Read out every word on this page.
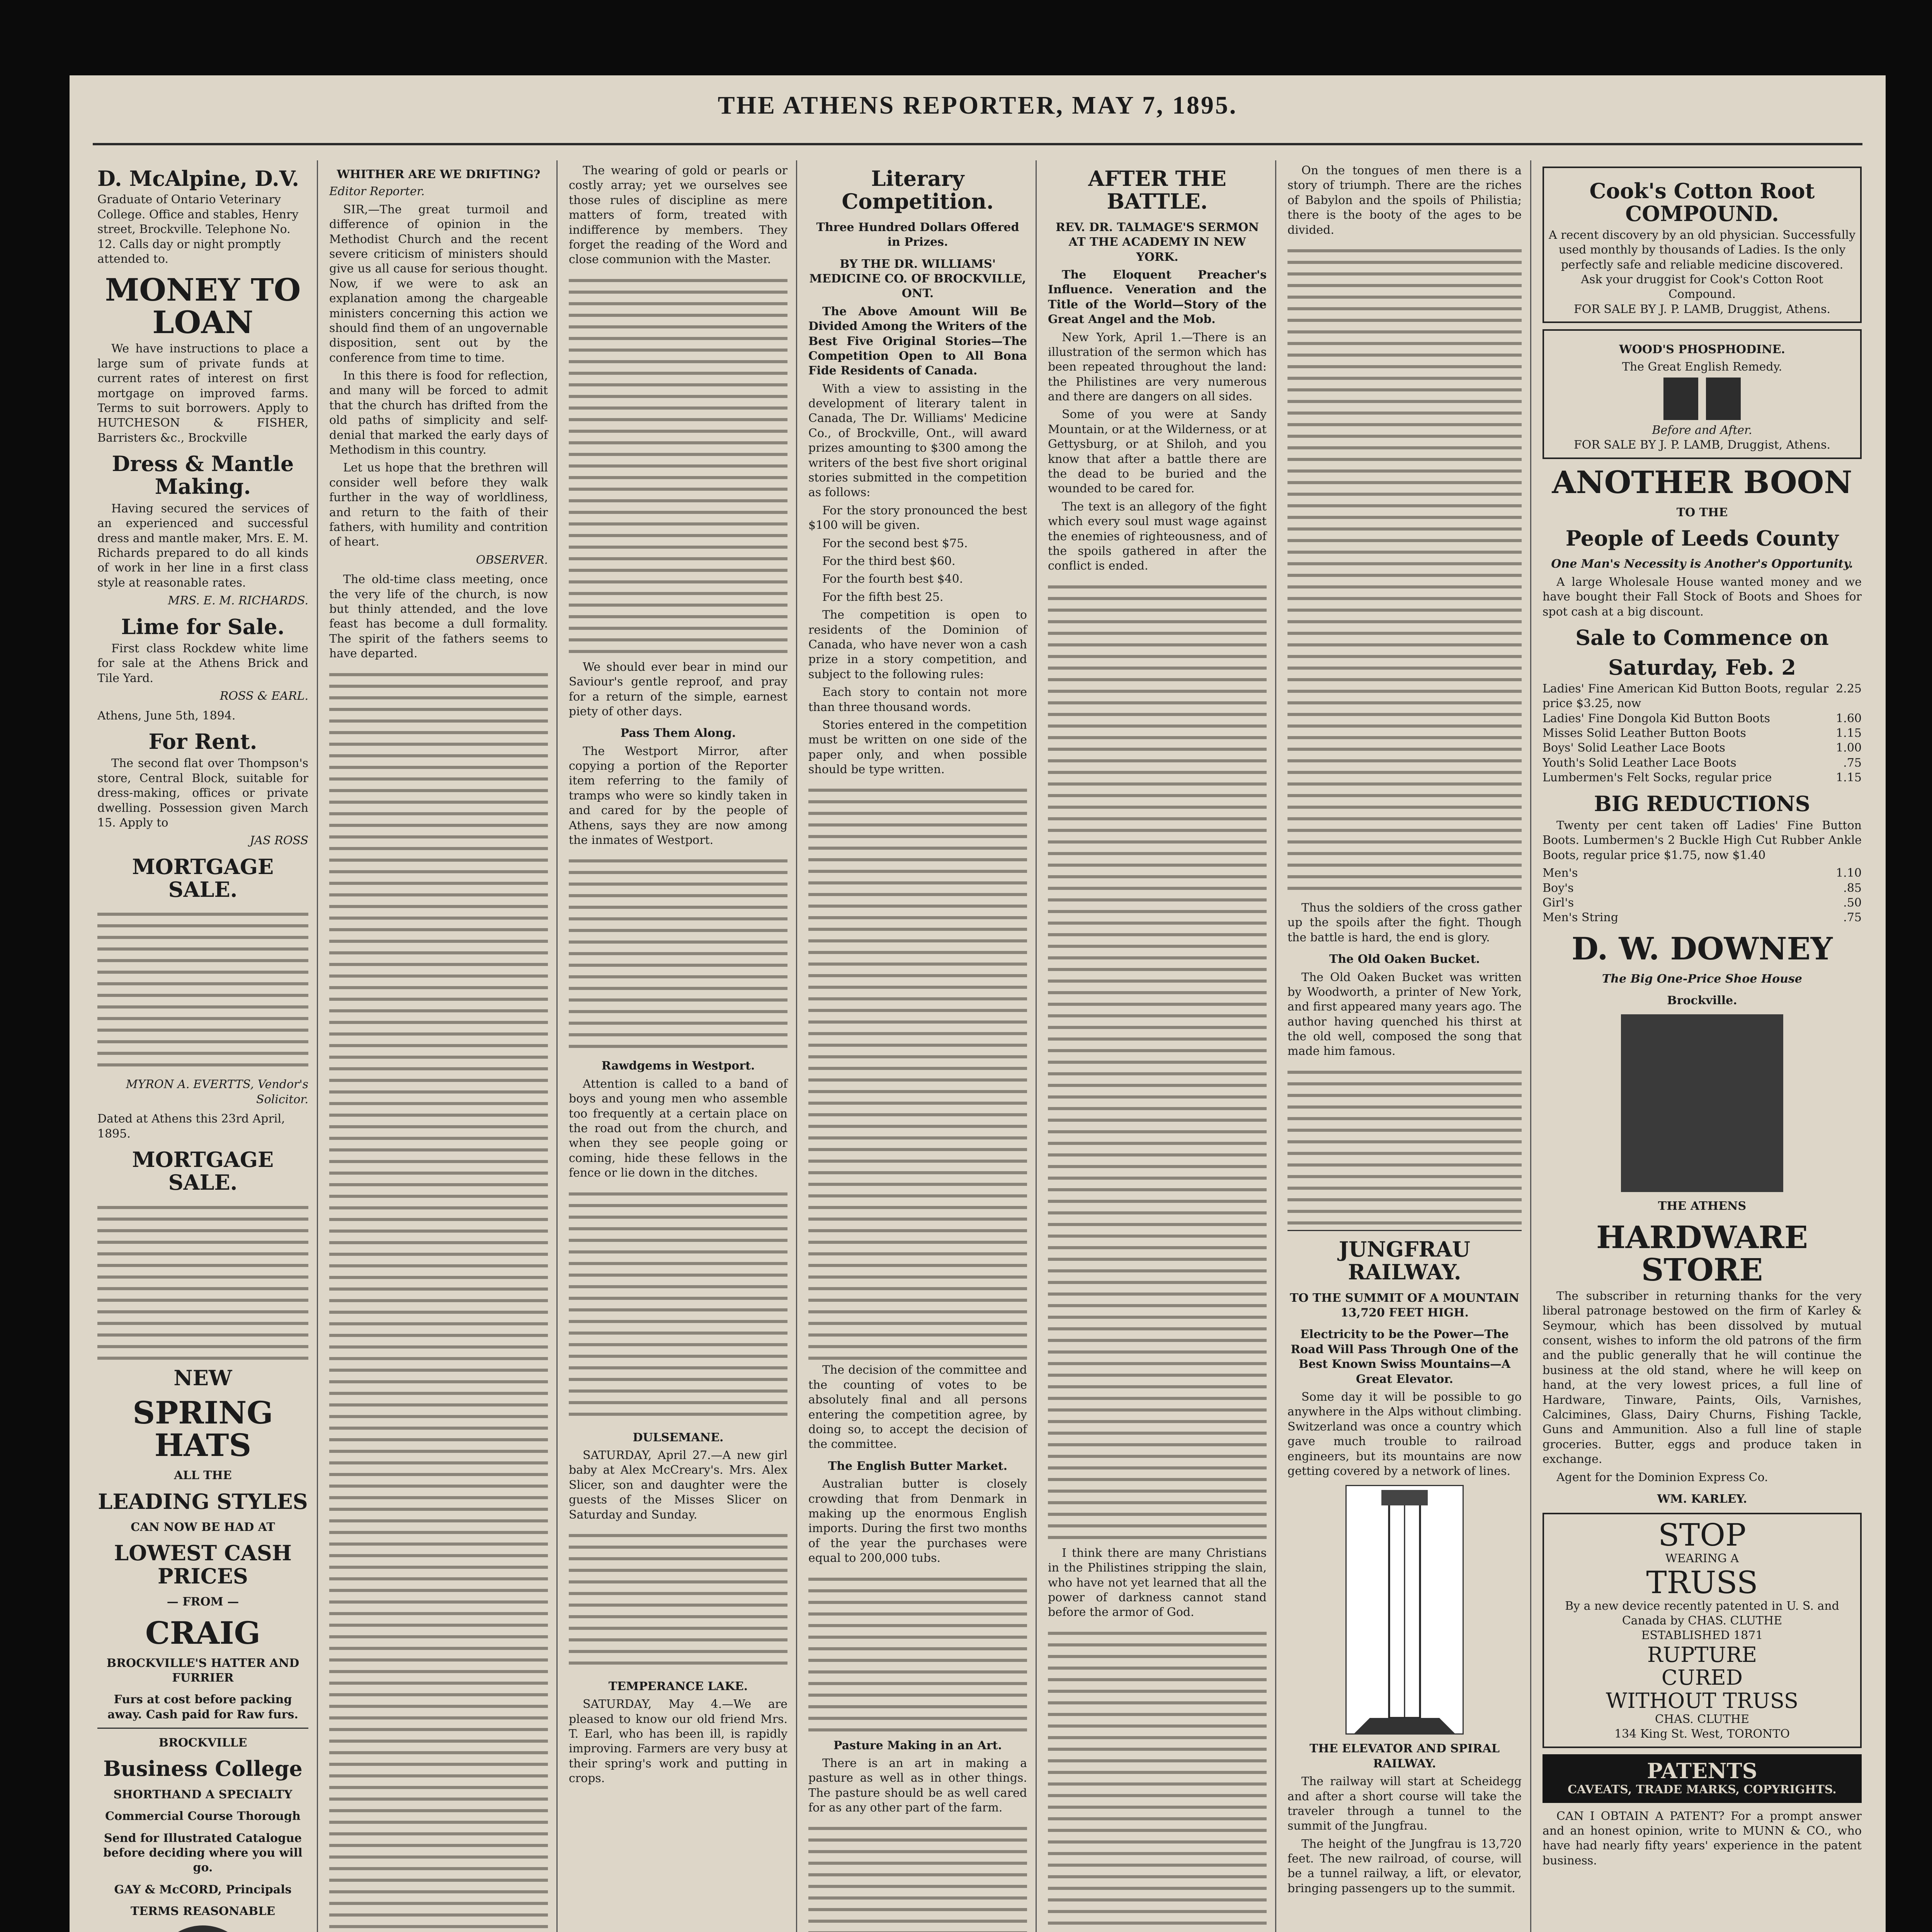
THE ATHENS REPORTER, MAY 7, 1895.
D. McAlpine, D.V.
Graduate of Ontario Veterinary College. Office and stables, Henry street, Brockville. Telephone No. 12. Calls day or night promptly attended to.
MONEY TO LOAN
We have instructions to place a large sum of private funds at current rates of interest on first mortgage on improved farms. Terms to suit borrowers. Apply to HUTCHESON & FISHER, Barristers &c., Brockville
Dress & Mantle Making.
Having secured the services of an experienced and successful dress and mantle maker, Mrs. E. M. Richards prepared to do all kinds of work in her line in a first class style at reasonable rates.
MRS. E. M. RICHARDS.
Lime for Sale.
First class Rockdew white lime for sale at the Athens Brick and Tile Yard.
ROSS & EARL.
Athens, June 5th, 1894.
For Rent.
The second flat over Thompson's store, Central Block, suitable for dress-making, offices or private dwelling. Possession given March 15. Apply to
JAS ROSS
MORTGAGE SALE.
MYRON A. EVERTTS, Vendor's Solicitor.
Dated at Athens this 23rd April, 1895.
MORTGAGE SALE.
NEW
SPRING HATS
ALL THE
LEADING STYLES
CAN NOW BE HAD AT
LOWEST CASH PRICES
— FROM —
CRAIG
BROCKVILLE'S HATTER AND FURRIER
Furs at cost before packing away. Cash paid for Raw furs.
BROCKVILLE
Business College
SHORTHAND A SPECIALTY
Commercial Course Thorough
Send for Illustrated Catalogue before deciding where you will go.
GAY & McCORD, Principals
TERMS REASONABLE
WHITHER ARE WE DRIFTING?
Editor Reporter.
SIR,—The great turmoil and difference of opinion in the Methodist Church and the recent severe criticism of ministers should give us all cause for serious thought. Now, if we were to ask an explanation among the chargeable ministers concerning this action we should find them of an ungovernable disposition, sent out by the conference from time to time.
In this there is food for reflection, and many will be forced to admit that the church has drifted from the old paths of simplicity and self-denial that marked the early days of Methodism in this country.
Let us hope that the brethren will consider well before they walk further in the way of worldliness, and return to the faith of their fathers, with humility and contrition of heart.
OBSERVER.
The old-time class meeting, once the very life of the church, is now but thinly attended, and the love feast has become a dull formality. The spirit of the fathers seems to have departed.
The wearing of gold or pearls or costly array; yet we ourselves see those rules of discipline as mere matters of form, treated with indifference by members. They forget the reading of the Word and close communion with the Master.
We should ever bear in mind our Saviour's gentle reproof, and pray for a return of the simple, earnest piety of other days.
Pass Them Along.
The Westport Mirror, after copying a portion of the Reporter item referring to the family of tramps who were so kindly taken in and cared for by the people of Athens, says they are now among the inmates of Westport.
Rawdgems in Westport.
Attention is called to a band of boys and young men who assemble too frequently at a certain place on the road out from the church, and when they see people going or coming, hide these fellows in the fence or lie down in the ditches.
DULSEMANE.
SATURDAY, April 27.—A new girl baby at Alex McCreary's. Mrs. Alex Slicer, son and daughter were the guests of the Misses Slicer on Saturday and Sunday.
TEMPERANCE LAKE.
SATURDAY, May 4.—We are pleased to know our old friend Mrs. T. Earl, who has been ill, is rapidly improving. Farmers are very busy at their spring's work and putting in crops.
Literary Competition.
Three Hundred Dollars Offered in Prizes.
BY THE DR. WILLIAMS' MEDICINE CO. OF BROCKVILLE, ONT.
The Above Amount Will Be Divided Among the Writers of the Best Five Original Stories—The Competition Open to All Bona Fide Residents of Canada.
With a view to assisting in the development of literary talent in Canada, The Dr. Williams' Medicine Co., of Brockville, Ont., will award prizes amounting to $300 among the writers of the best five short original stories submitted in the competition as follows:
For the story pronounced the best $100 will be given.
For the second best $75.
For the third best $60.
For the fourth best $40.
For the fifth best 25.
The competition is open to residents of the Dominion of Canada, who have never won a cash prize in a story competition, and subject to the following rules:
Each story to contain not more than three thousand words.
Stories entered in the competition must be written on one side of the paper only, and when possible should be type written.
The decision of the committee and the counting of votes to be absolutely final and all persons entering the competition agree, by doing so, to accept the decision of the committee.
The English Butter Market.
Australian butter is closely crowding that from Denmark in making up the enormous English imports. During the first two months of the year the purchases were equal to 200,000 tubs.
Pasture Making in an Art.
There is an art in making a pasture as well as in other things. The pasture should be as well cared for as any other part of the farm.
AFTER THE BATTLE.
REV. DR. TALMAGE'S SERMON AT THE ACADEMY IN NEW YORK.
The Eloquent Preacher's Influence. Veneration and the Title of the World—Story of the Great Angel and the Mob.
New York, April 1.—There is an illustration of the sermon which has been repeated throughout the land: the Philistines are very numerous and there are dangers on all sides.
Some of you were at Sandy Mountain, or at the Wilderness, or at Gettysburg, or at Shiloh, and you know that after a battle there are the dead to be buried and the wounded to be cared for.
The text is an allegory of the fight which every soul must wage against the enemies of righteousness, and of the spoils gathered in after the conflict is ended.
I think there are many Christians in the Philistines stripping the slain, who have not yet learned that all the power of darkness cannot stand before the armor of God.
On the tongues of men there is a story of triumph. There are the riches of Babylon and the spoils of Philistia; there is the booty of the ages to be divided.
Thus the soldiers of the cross gather up the spoils after the fight. Though the battle is hard, the end is glory.
The Old Oaken Bucket.
The Old Oaken Bucket was written by Woodworth, a printer of New York, and first appeared many years ago. The author having quenched his thirst at the old well, composed the song that made him famous.
JUNGFRAU RAILWAY.
TO THE SUMMIT OF A MOUNTAIN 13,720 FEET HIGH.
Electricity to be the Power—The Road Will Pass Through One of the Best Known Swiss Mountains—A Great Elevator.
Some day it will be possible to go anywhere in the Alps without climbing. Switzerland was once a country which gave much trouble to railroad engineers, but its mountains are now getting covered by a network of lines.
THE ELEVATOR AND SPIRAL RAILWAY.
The railway will start at Scheidegg and after a short course will take the traveler through a tunnel to the summit of the Jungfrau.
The height of the Jungfrau is 13,720 feet. The new railroad, of course, will be a tunnel railway, a lift, or elevator, bringing passengers up to the summit.
Cook's Cotton Root COMPOUND.
A recent discovery by an old physician. Successfully used monthly by thousands of Ladies. Is the only perfectly safe and reliable medicine discovered. Ask your druggist for Cook's Cotton Root Compound.
FOR SALE BY J. P. LAMB, Druggist, Athens.
WOOD'S PHOSPHODINE.
The Great English Remedy.
Before and After.
FOR SALE BY J. P. LAMB, Druggist, Athens.
ANOTHER BOON
TO THE
People of Leeds County
One Man's Necessity is Another's Opportunity.
A large Wholesale House wanted money and we have bought their Fall Stock of Boots and Shoes for spot cash at a big discount.
Sale to Commence on
Saturday, Feb. 2
Ladies' Fine American Kid Button Boots, regular price $3.25, now
2.25
Ladies' Fine Dongola Kid Button Boots	1.60
Misses Solid Leather Button Boots	1.15
Boys' Solid Leather Lace Boots	1.00
Youth's Solid Leather Lace Boots	.75
Lumbermen's Felt Socks, regular price	1.15
BIG REDUCTIONS
Twenty per cent taken off Ladies' Fine Button Boots. Lumbermen's 2 Buckle High Cut Rubber Ankle Boots, regular price $1.75, now $1.40
Men's	1.10
Boy's	.85
Girl's	.50
Men's String	.75
D. W. DOWNEY
The Big One-Price Shoe House
Brockville.
THE ATHENS
HARDWARE STORE
The subscriber in returning thanks for the very liberal patronage bestowed on the firm of Karley & Seymour, which has been dissolved by mutual consent, wishes to inform the old patrons of the firm and the public generally that he will continue the business at the old stand, where he will keep on hand, at the very lowest prices, a full line of Hardware, Tinware, Paints, Oils, Varnishes, Calcimines, Glass, Dairy Churns, Fishing Tackle, Guns and Ammunition. Also a full line of staple groceries. Butter, eggs and produce taken in exchange.
Agent for the Dominion Express Co.
WM. KARLEY.
STOP
WEARING A
TRUSS
By a new device recently patented in U. S. and Canada by CHAS. CLUTHE
ESTABLISHED 1871
RUPTURE
CURED
WITHOUT TRUSS
CHAS. CLUTHE
134 King St. West, TORONTO
PATENTS
CAVEATS, TRADE MARKS, COPYRIGHTS.
CAN I OBTAIN A PATENT? For a prompt answer and an honest opinion, write to MUNN & CO., who have had nearly fifty years' experience in the patent business.
